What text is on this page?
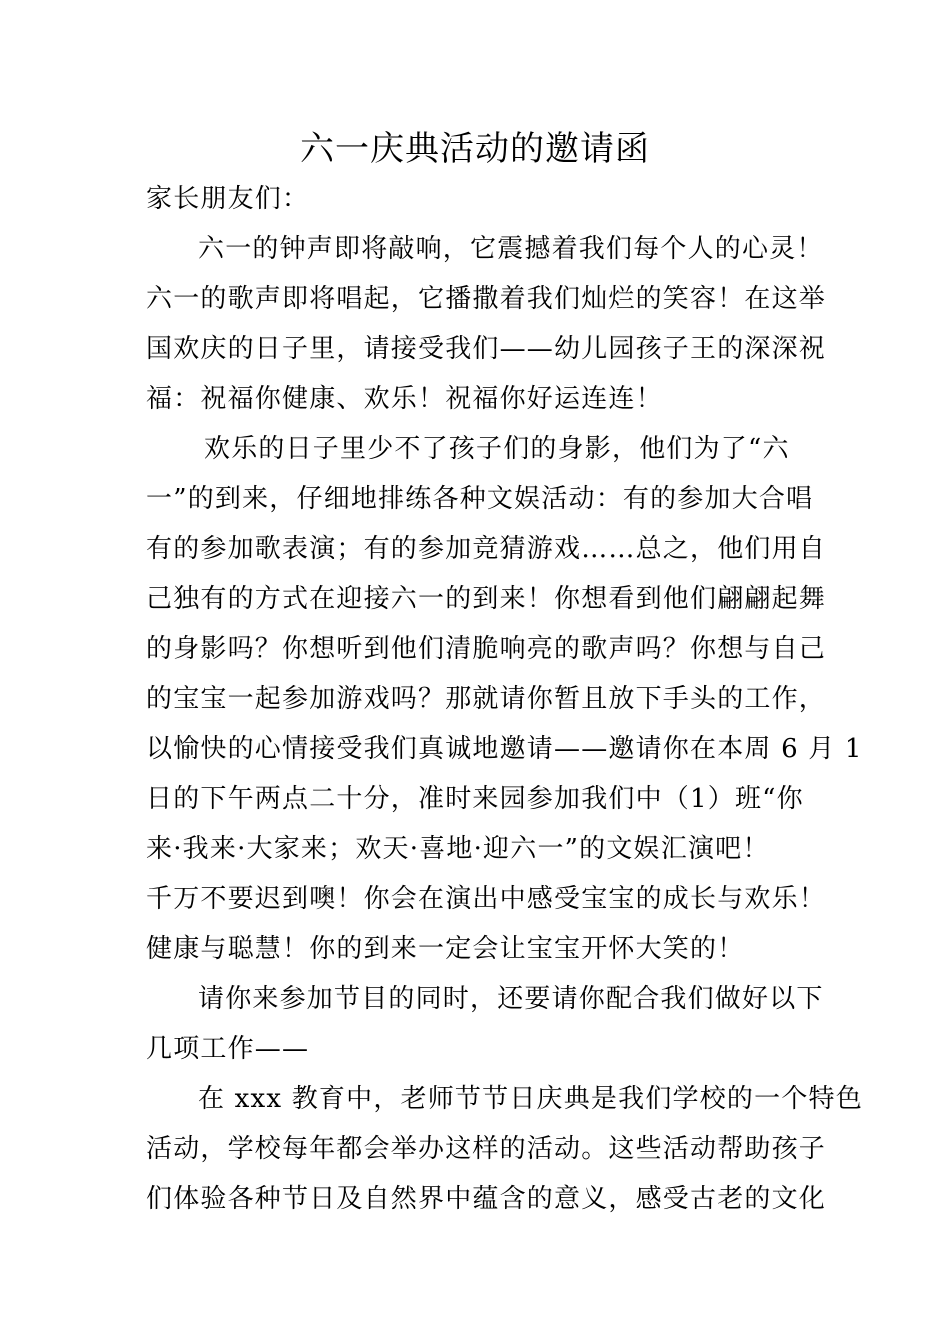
六一庆典活动的邀请函
家长朋友们：
六一的钟声即将敲响，它震撼着我们每个人的心灵！
六一的歌声即将唱起，它播撒着我们灿烂的笑容！在这举
国欢庆的日子里，请接受我们——幼儿园孩子王的深深祝
福：祝福你健康、欢乐！祝福你好运连连！
欢乐的日子里少不了孩子们的身影，他们为了“六
一”的到来，仔细地排练各种文娱活动：有的参加大合唱
有的参加歌表演；有的参加竞猜游戏……总之，他们用自
己独有的方式在迎接六一的到来！你想看到他们翩翩起舞
的身影吗？你想听到他们清脆响亮的歌声吗？你想与自己
的宝宝一起参加游戏吗？那就请你暂且放下手头的工作，
以愉快的心情接受我们真诚地邀请——邀请你在本周 6 月 1
日的下午两点二十分，准时来园参加我们中（1）班“你
来·我来·大家来；欢天·喜地·迎六一”的文娱汇演吧！
千万不要迟到噢！你会在演出中感受宝宝的成长与欢乐！
健康与聪慧！你的到来一定会让宝宝开怀大笑的！
请你来参加节目的同时，还要请你配合我们做好以下
几项工作——
在 xxx 教育中，老师节节日庆典是我们学校的一个特色
活动，学校每年都会举办这样的活动。这些活动帮助孩子
们体验各种节日及自然界中蕴含的意义，感受古老的文化
